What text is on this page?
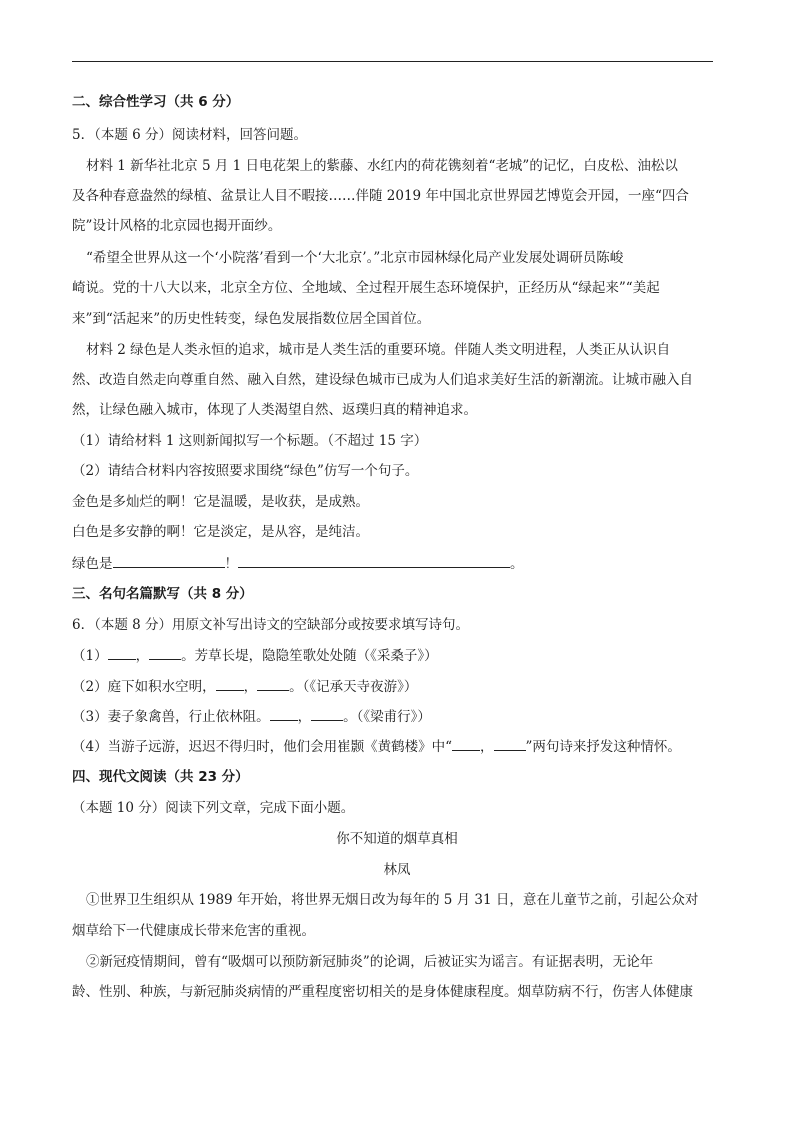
二、综合性学习（共 6 分）
5．（本题 6 分）阅读材料，回答问题。
材料 1 新华社北京 5 月 1 日电花架上的紫藤、水红内的荷花镌刻着“老城”的记忆，白皮松、油松以
及各种春意盎然的绿植、盆景让人目不暇接……伴随 2019 年中国北京世界园艺博览会开园，一座“四合
院”设计风格的北京园也揭开面纱。
“希望全世界从这一个‘小院落’看到一个‘大北京’。”北京市园林绿化局产业发展处调研员陈峻
崎说。党的十八大以来，北京全方位、全地域、全过程开展生态环境保护，正经历从“绿起来”“美起
来”到“活起来”的历史性转变，绿色发展指数位居全国首位。
材料 2 绿色是人类永恒的追求，城市是人类生活的重要环境。伴随人类文明进程，人类正从认识自
然、改造自然走向尊重自然、融入自然，建设绿色城市已成为人们追求美好生活的新潮流。让城市融入自
然，让绿色融入城市，体现了人类渴望自然、返璞归真的精神追求。
（1）请给材料 1 这则新闻拟写一个标题。（不超过 15 字）
（2）请结合材料内容按照要求围绕“绿色”仿写一个句子。
金色是多灿烂的啊！它是温暖，是收获，是成熟。
白色是多安静的啊！它是淡定，是从容，是纯洁。
绿色是	！	。
三、名句名篇默写（共 8 分）
6．（本题 8 分）用原文补写出诗文的空缺部分或按要求填写诗句。
（1） ， 。芳草长堤，隐隐笙歌处处随（《采桑子》）
（2）庭下如积水空明， ， 。（《记承天寺夜游》）
（3）妻子象禽兽，行止依林阻。 ， 。（《梁甫行》）
（4）当游子远游，迟迟不得归时，他们会用崔颢《黄鹤楼》中“ ， ”两句诗来抒发这种情怀。
四、现代文阅读（共 23 分）
（本题 10 分）阅读下列文章，完成下面小题。
你不知道的烟草真相
林凤
①世界卫生组织从 1989 年开始，将世界无烟日改为每年的 5 月 31 日，意在儿童节之前，引起公众对
烟草给下一代健康成长带来危害的重视。
②新冠疫情期间，曾有“吸烟可以预防新冠肺炎”的论调，后被证实为谣言。有证据表明，无论年
龄、性别、种族，与新冠肺炎病情的严重程度密切相关的是身体健康程度。烟草防病不行，伤害人体健康
